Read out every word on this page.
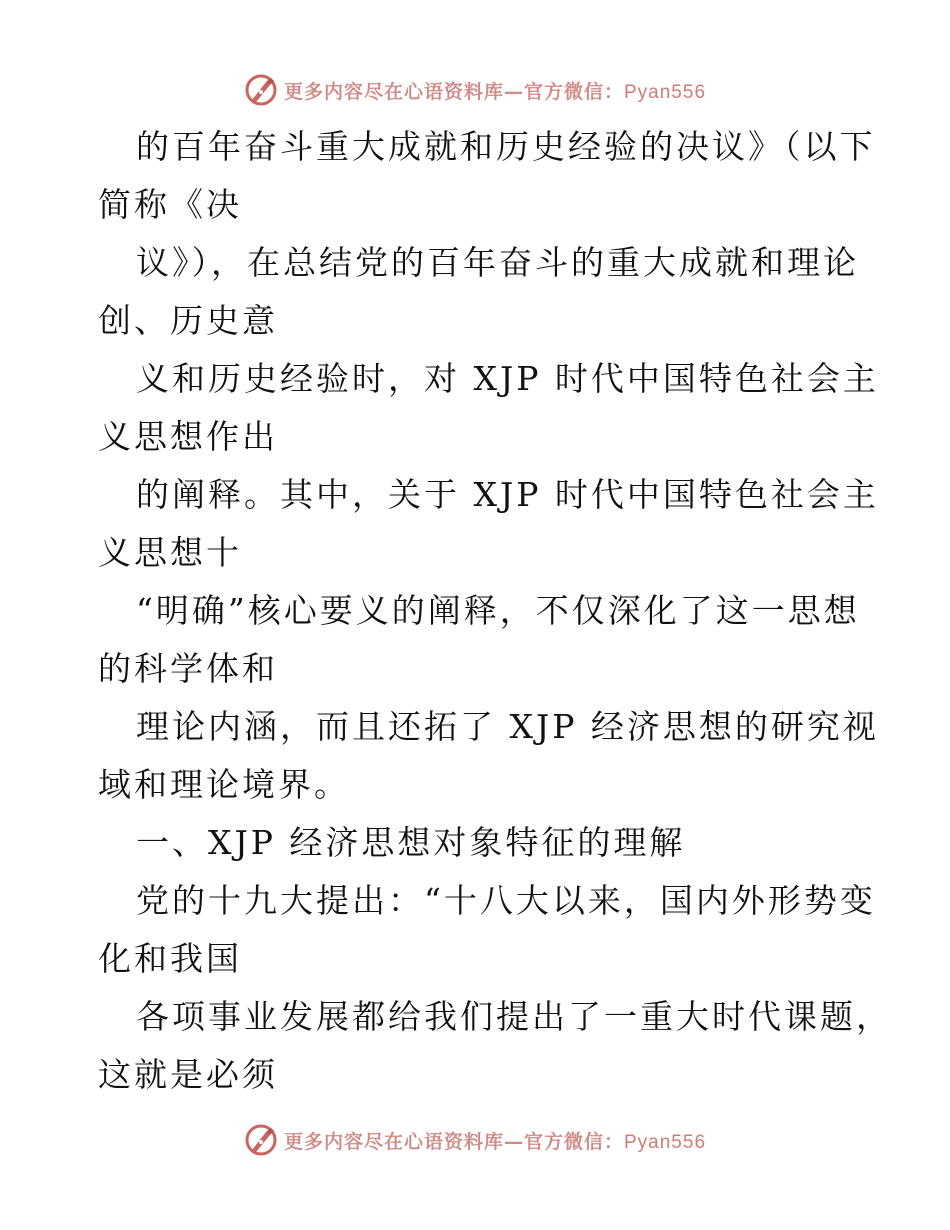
更多内容尽在心语资料库—官方微信：Pyan556
的百年奋斗重大成就和历史经验的决议》（以下
简称《决
议》），在总结党的百年奋斗的重大成就和理论
创、历史意
义和历史经验时，对 XJP 时代中国特色社会主
义思想作出
的阐释。其中，关于 XJP 时代中国特色社会主
义思想十
“明确”核心要义的阐释，不仅深化了这一思想
的科学体和
理论内涵，而且还拓了 XJP 经济思想的研究视
域和理论境界。
一、XJP 经济思想对象特征的理解
党的十九大提出：“十八大以来，国内外形势变
化和我国
各项事业发展都给我们提出了一重大时代课题，
这就是必须
更多内容尽在心语资料库—官方微信：Pyan556
